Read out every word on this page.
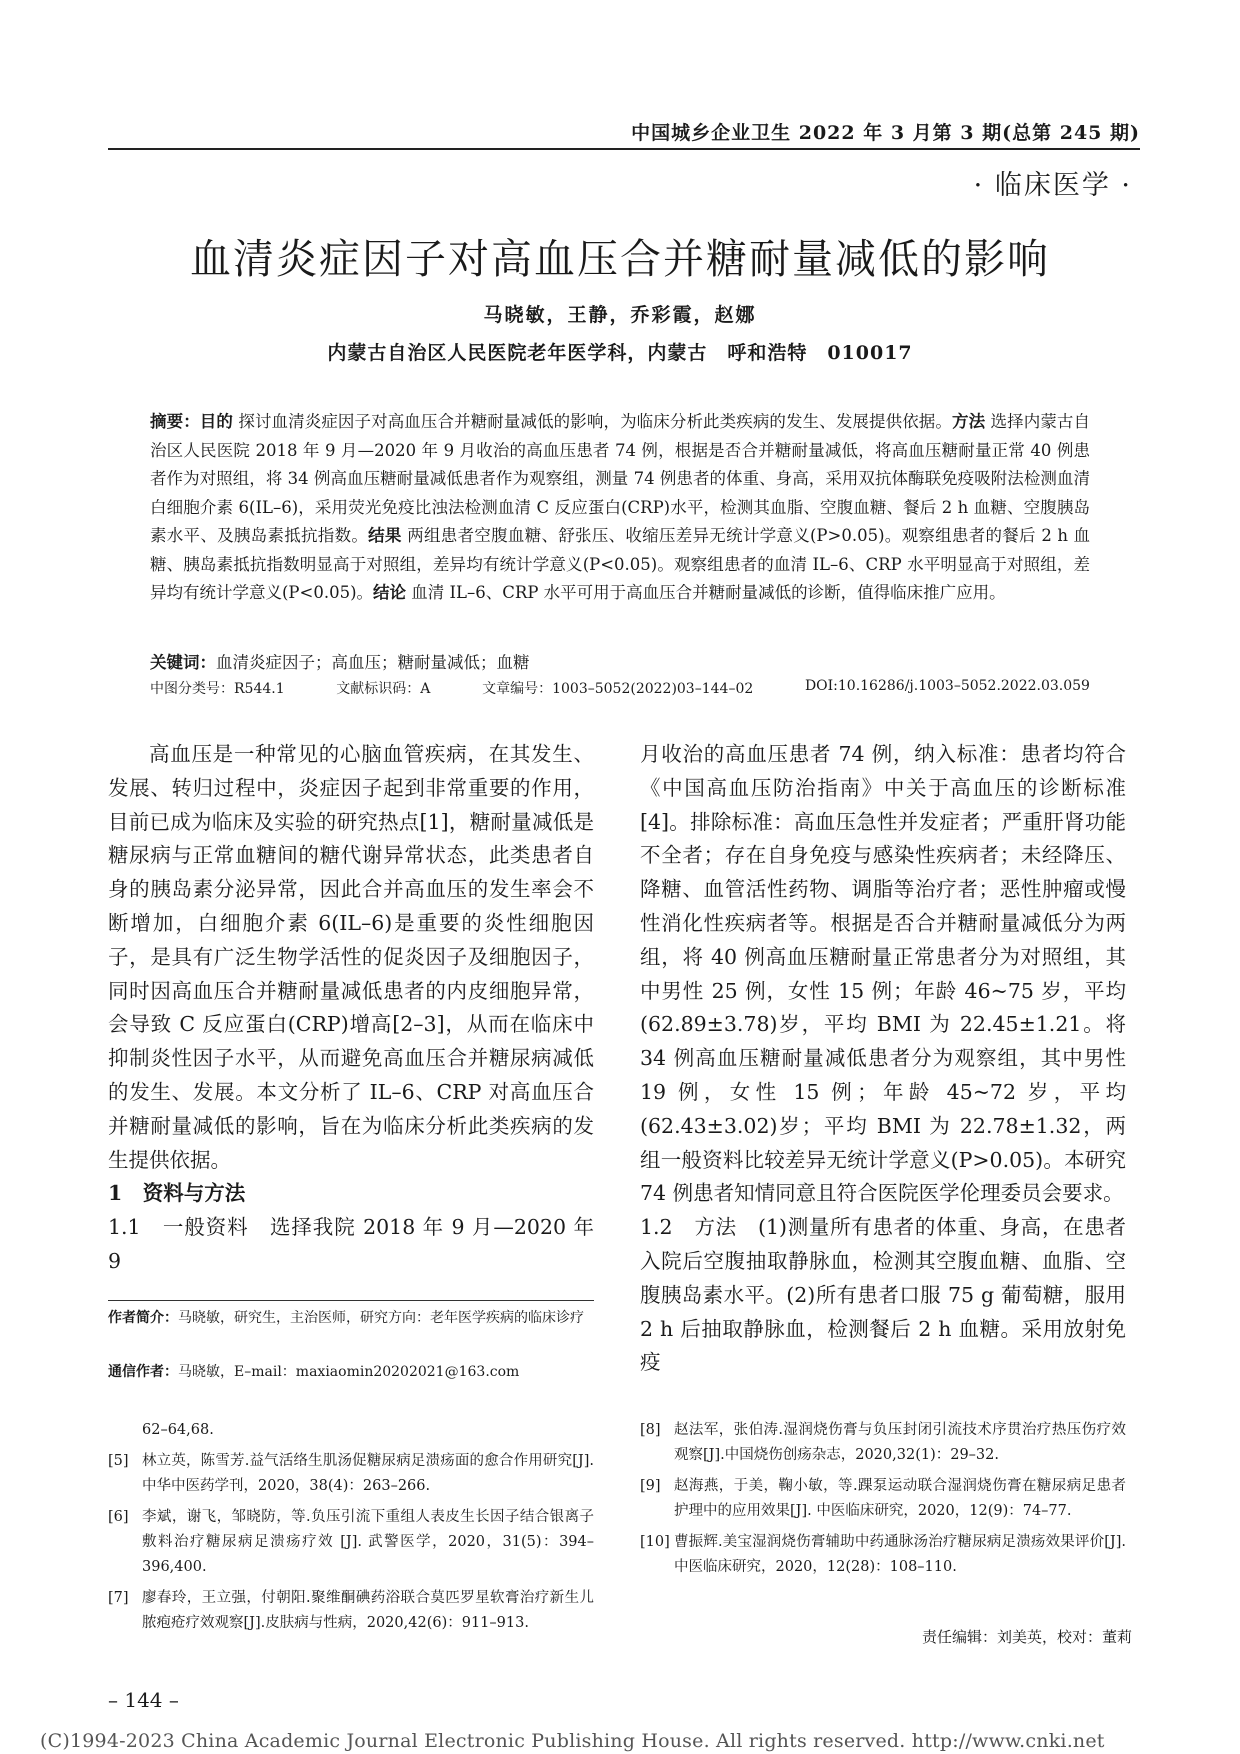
中国城乡企业卫生 2022 年 3 月第 3 期(总第 245 期)
· 临床医学 ·
血清炎症因子对高血压合并糖耐量减低的影响
马晓敏，王静，乔彩霞，赵娜
内蒙古自治区人民医院老年医学科，内蒙古　呼和浩特　010017
摘要：目的 探讨血清炎症因子对高血压合并糖耐量减低的影响，为临床分析此类疾病的发生、发展提供依据。方法 选择内蒙古自治区人民医院 2018 年 9 月—2020 年 9 月收治的高血压患者 74 例，根据是否合并糖耐量减低，将高血压糖耐量正常 40 例患者作为对照组，将 34 例高血压糖耐量减低患者作为观察组，测量 74 例患者的体重、身高，采用双抗体酶联免疫吸附法检测血清白细胞介素 6(IL–6)，采用荧光免疫比浊法检测血清 C 反应蛋白(CRP)水平，检测其血脂、空腹血糖、餐后 2 h 血糖、空腹胰岛素水平、及胰岛素抵抗指数。结果 两组患者空腹血糖、舒张压、收缩压差异无统计学意义(P>0.05)。观察组患者的餐后 2 h 血糖、胰岛素抵抗指数明显高于对照组，差异均有统计学意义(P<0.05)。观察组患者的血清 IL–6、CRP 水平明显高于对照组，差异均有统计学意义(P<0.05)。结论 血清 IL–6、CRP 水平可用于高血压合并糖耐量减低的诊断，值得临床推广应用。
关键词：血清炎症因子；高血压；糖耐量减低；血糖
中图分类号：R544.1	文献标识码：A	文章编号：1003–5052(2022)03–144–02	DOI:10.16286/j.1003–5052.2022.03.059

高血压是一种常见的心脑血管疾病，在其发生、发展、转归过程中，炎症因子起到非常重要的作用，目前已成为临床及实验的研究热点[1]，糖耐量减低是糖尿病与正常血糖间的糖代谢异常状态，此类患者自身的胰岛素分泌异常，因此合并高血压的发生率会不断增加，白细胞介素 6(IL–6)是重要的炎性细胞因子，是具有广泛生物学活性的促炎因子及细胞因子，同时因高血压合并糖耐量减低患者的内皮细胞异常，会导致 C 反应蛋白(CRP)增高[2–3]，从而在临床中抑制炎性因子水平，从而避免高血压合并糖尿病减低的发生、发展。本文分析了 IL–6、CRP 对高血压合并糖耐量减低的影响，旨在为临床分析此类疾病的发生提供依据。

1　资料与方法

1.1　一般资料　选择我院 2018 年 9 月—2020 年 9

月收治的高血压患者 74 例，纳入标准：患者均符合《中国高血压防治指南》中关于高血压的诊断标准[4]。排除标准：高血压急性并发症者；严重肝肾功能不全者；存在自身免疫与感染性疾病者；未经降压、降糖、血管活性药物、调脂等治疗者；恶性肿瘤或慢性消化性疾病者等。根据是否合并糖耐量减低分为两组，将 40 例高血压糖耐量正常患者分为对照组，其中男性 25 例，女性 15 例；年龄 46~75 岁，平均(62.89±3.78)岁，平均 BMI 为 22.45±1.21。将 34 例高血压糖耐量减低患者分为观察组，其中男性 19 例，女性 15 例；年龄 45~72 岁，平均(62.43±3.02)岁；平均 BMI 为 22.78±1.32，两组一般资料比较差异无统计学意义(P>0.05)。本研究 74 例患者知情同意且符合医院医学伦理委员会要求。

1.2　方法　(1)测量所有患者的体重、身高，在患者入院后空腹抽取静脉血，检测其空腹血糖、血脂、空腹胰岛素水平。(2)所有患者口服 75 g 葡萄糖，服用 2 h 后抽取静脉血，检测餐后 2 h 血糖。采用放射免疫

作者简介：马晓敏，研究生，主治医师，研究方向：老年医学疾病的临床诊疗
通信作者：马晓敏，E–mail：maxiaomin20202021@163.com
62–64,68.
[5] 林立英，陈雪芳.益气活络生肌汤促糖尿病足溃疡面的愈合作用研究[J].中华中医药学刊，2020，38(4)：263–266.
[6] 李斌，谢飞，邹晓防，等.负压引流下重组人表皮生长因子结合银离子敷料治疗糖尿病足溃疡疗效 [J]. 武警医学，2020，31(5)：394–396,400.
[7] 廖春玲，王立强，付朝阳.聚维酮碘药浴联合莫匹罗星软膏治疗新生儿脓疱疮疗效观察[J].皮肤病与性病，2020,42(6)：911–913.
[8] 赵法军，张伯涛.湿润烧伤膏与负压封闭引流技术序贯治疗热压伤疗效观察[J].中国烧伤创疡杂志，2020,32(1)：29–32.
[9] 赵海燕，于美，鞠小敏，等.踝泵运动联合湿润烧伤膏在糖尿病足患者护理中的应用效果[J]. 中医临床研究，2020，12(9)：74–77.
[10] 曹振辉.美宝湿润烧伤膏辅助中药通脉汤治疗糖尿病足溃疡效果评价[J]. 中医临床研究，2020，12(28)：108–110.
责任编辑：刘美英，校对：董莉
– 144 –
(C)1994-2023 China Academic Journal Electronic Publishing House. All rights reserved. http://www.cnki.net
